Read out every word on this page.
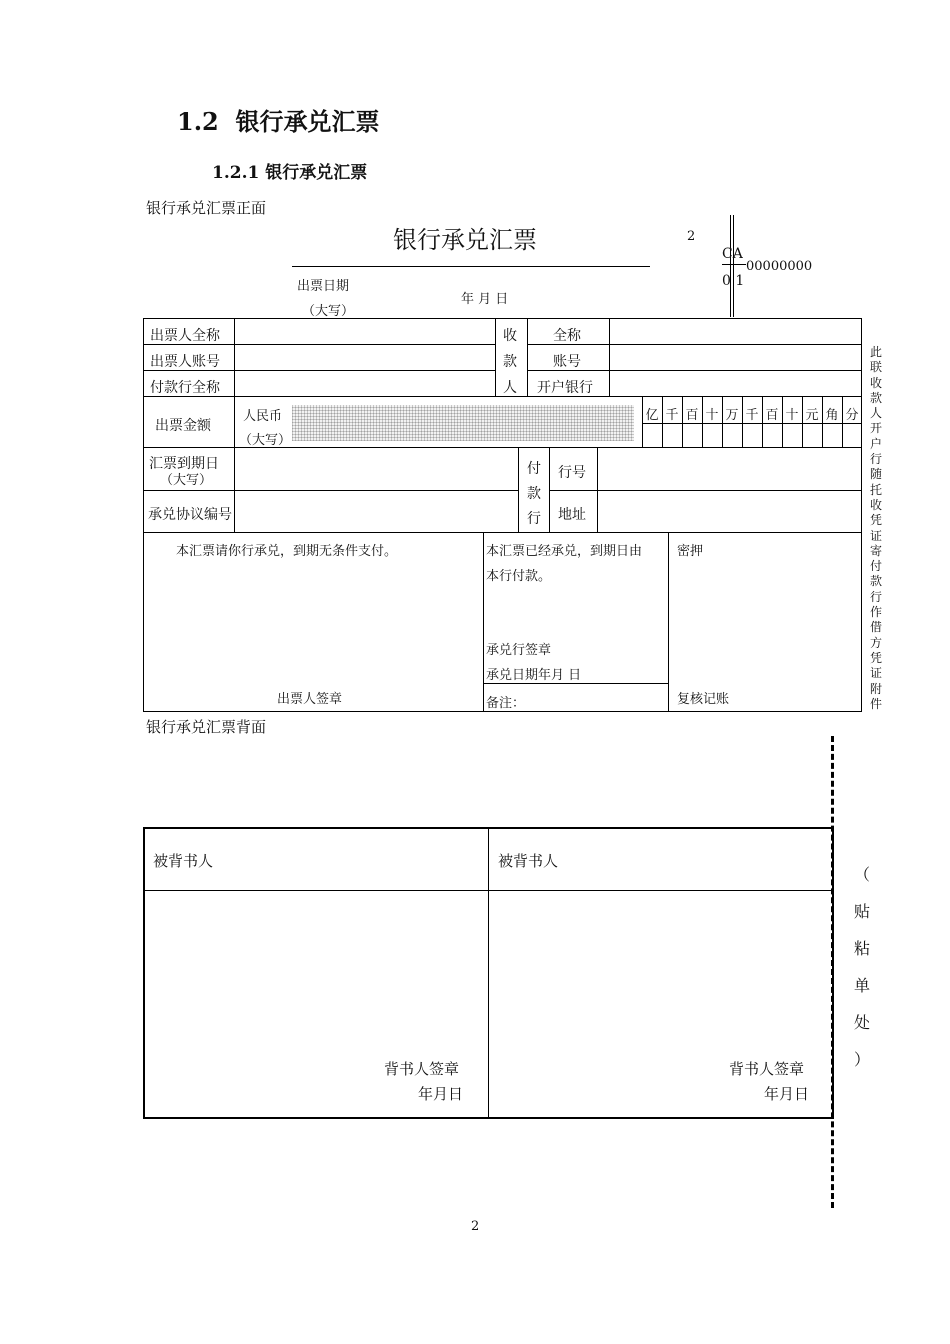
1.2 银行承兑汇票
1.2.1 银行承兑汇票
银行承兑汇票正面
银行承兑汇票	2
CA
00000000
0 1
出票日期
（大写）
年 月 日
出票人全称
出票人账号
付款行全称
收
款
人
全称
账号
开户银行
出票金额
人民币
（大写）
亿 千 百 十 万 千 百 十 元 角 分
汇票到期日
（大写）
承兑协议编号
付
款
行
行号
地址
本汇票请你行承兑，到期无条件支付。
出票人签章
本汇票已经承兑，到期日由
本行付款。
承兑行签章
承兑日期年月 日
备注：
密押
复核记账
此联收款人开户行随托收凭证寄付款行作借方凭证附件
银行承兑汇票背面
被背书人	被背书人
背书人签章
年月日
背书人签章
年月日
（
贴
粘
单
处
）
2
